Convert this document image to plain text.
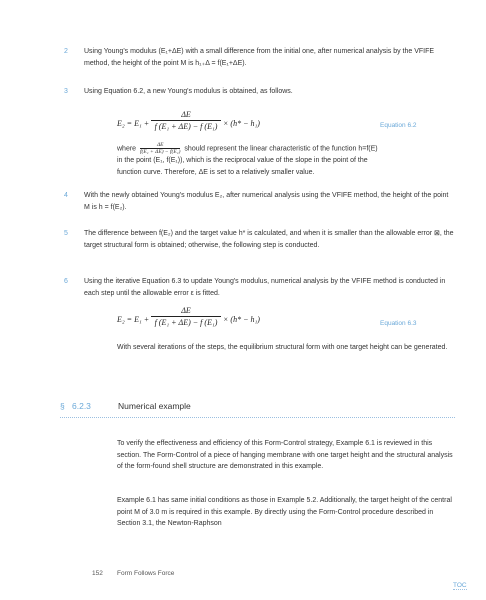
2 Using Young's modulus (E₁+ΔE) with a small difference from the initial one, after numerical analysis by the VFIFE method, the height of the point M is h₁₊Δ = f(E₁+ΔE).
3 Using Equation 6.2, a new Young's modulus is obtained, as follows.
E₂ = E₁ +
ΔE
f (E₁ + ΔE) − f (E₁) × (h* − h₁)	Equation 6.2
where $\frac{\Delta E}{\text{f(E₁ + ΔE) − f(E₁)}}$ should represent the linear characteristic of the function h=f(E)
in the point (E₁, f(E₁)), which is the reciprocal value of the slope in the point of the
function curve. Therefore, ΔE is set to a relatively smaller value.
4 With the newly obtained Young's modulus E₂, after numerical analysis using the VFIFE method, the height of the point M is h = f(E₂).
5 The difference between f(E₂) and the target value h* is calculated, and when it is smaller than the allowable error ⊠, the target structural form is obtained; otherwise, the following step is conducted.
6 Using the iterative Equation 6.3 to update Young's modulus, numerical analysis by the VFIFE method is conducted in each step until the allowable error ε is fitted.
E₂ = E₁ +
ΔE
f (E₁ + ΔE) − f (E₁) × (h* − h₁)	Equation 6.3
With several iterations of the steps, the equilibrium structural form with one target height can be generated.
§ 6.2.3	Numerical example
To verify the effectiveness and efficiency of this Form-Control strategy, Example 6.1 is reviewed in this section. The Form-Control of a piece of hanging membrane with one target height and the structural analysis of the form-found shell structure are demonstrated in this example.
Example 6.1 has same initial conditions as those in Example 5.2. Additionally, the target height of the central point M of 3.0 m is required in this example. By directly using the Form-Control procedure described in Section 3.1, the Newton-Raphson
152 Form Follows Force
TOC
